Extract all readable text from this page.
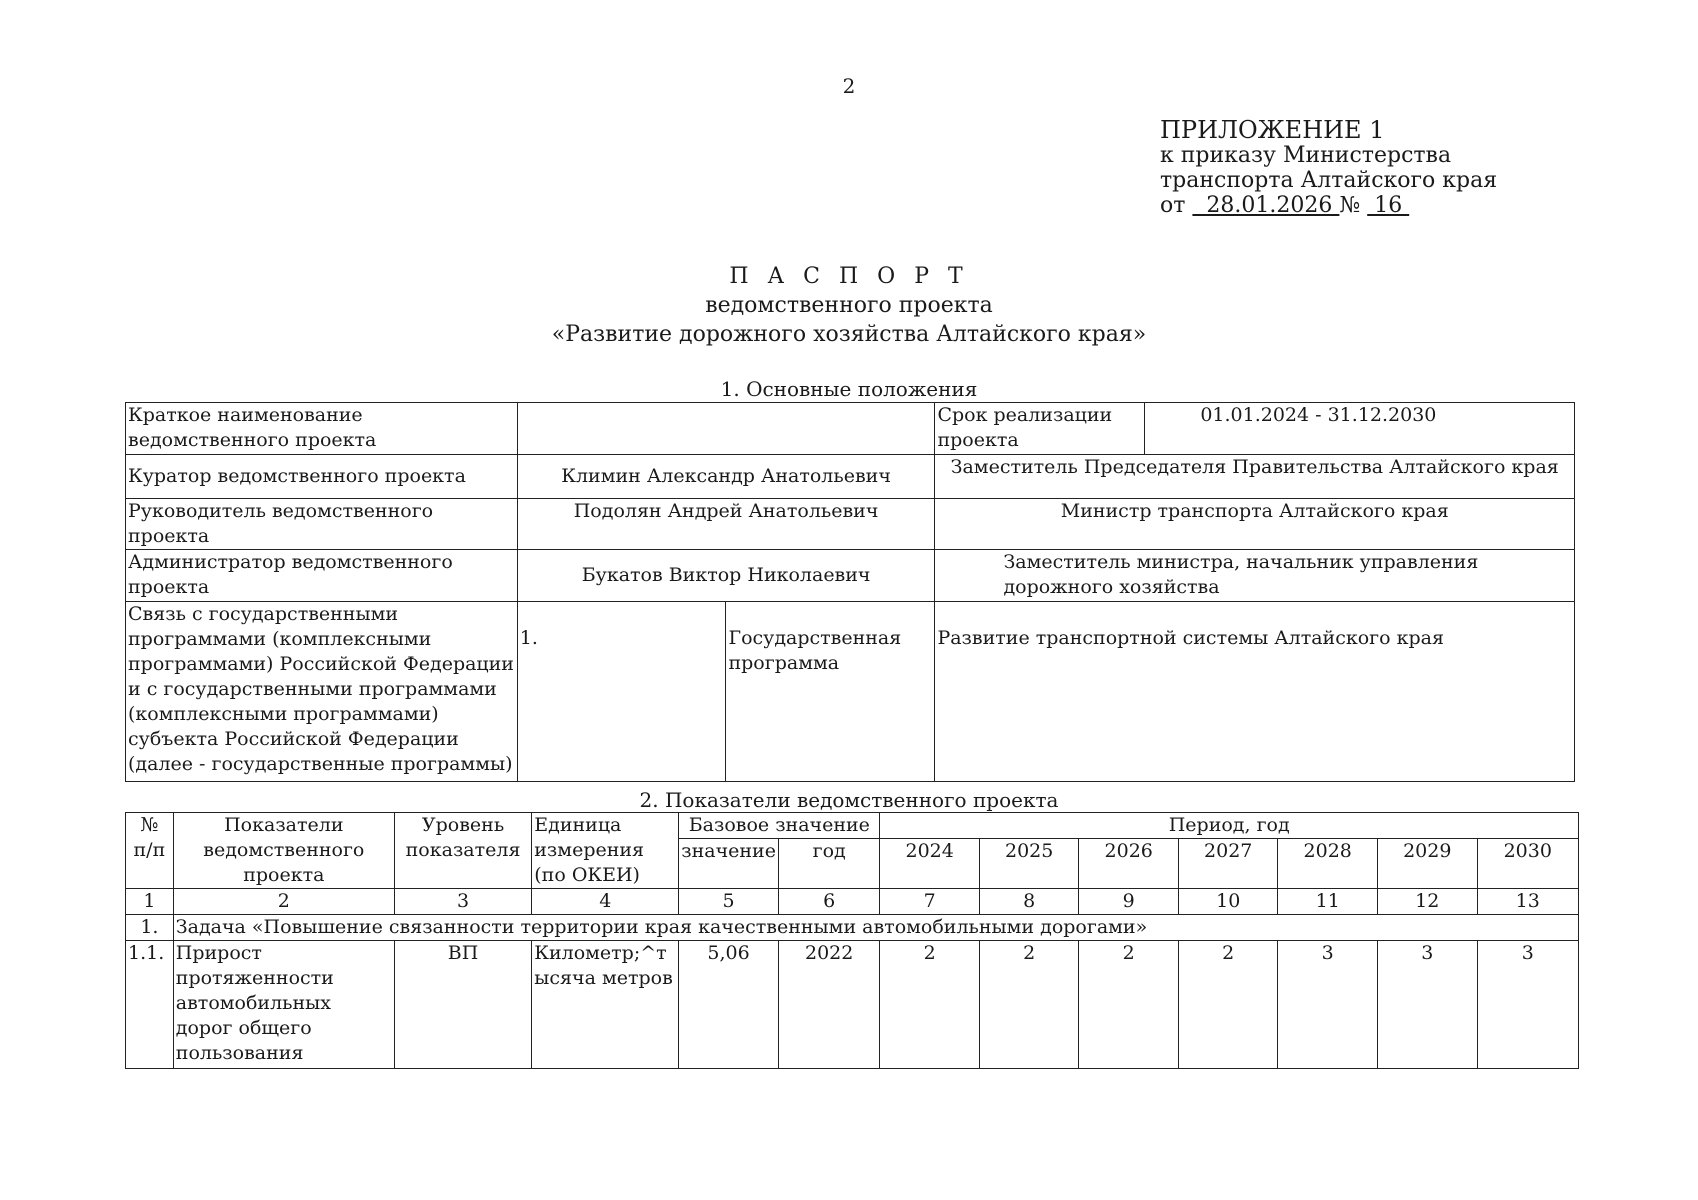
2
ПРИЛОЖЕНИЕ 1
к приказу Министерства
транспорта Алтайского края
от   28.01.2026 №  16
П А С П О Р Т
ведомственного проекта
«Развитие дорожного хозяйства Алтайского края»
1. Основные положения
Краткое наименование ведомственного проекта			Срок реализации проекта	01.01.2024 - 31.12.2030
Куратор ведомственного проекта	Климин Александр Анатольевич		Заместитель Председателя Правительства Алтайского края	
Руководитель ведомственного проекта	Подолян Андрей Анатольевич		Министр транспорта Алтайского края	
Администратор ведомственного проекта	Букатов Виктор Николаевич		Заместитель министра, начальник управления дорожного хозяйства	
Связь с государственными программами (комплексными программами) Российской Федерации и с государственными программами (комплексными программами) субъекта Российской Федерации (далее - государственные программы)	1.	Государственная программа	Развитие транспортной системы Алтайского края	
2. Показатели ведомственного проекта
№ п/п	Показатели ведомственного проекта	Уровень показателя	Единица измерения (по ОКЕИ)	Базовое значение		Период, год						
				значение	год	2024	2025	2026	2027	2028	2029	2030
1	2	3	4	5	6	7	8	9	10	11	12	13
1.	Задача «Повышение связанности территории края качественными автомобильными дорогами»											
1.1.	Прирост протяженности автомобильных дорог общего пользования	ВП	Километр;^тысяча метров	5,06	2022	2	2	2	2	3	3	3
